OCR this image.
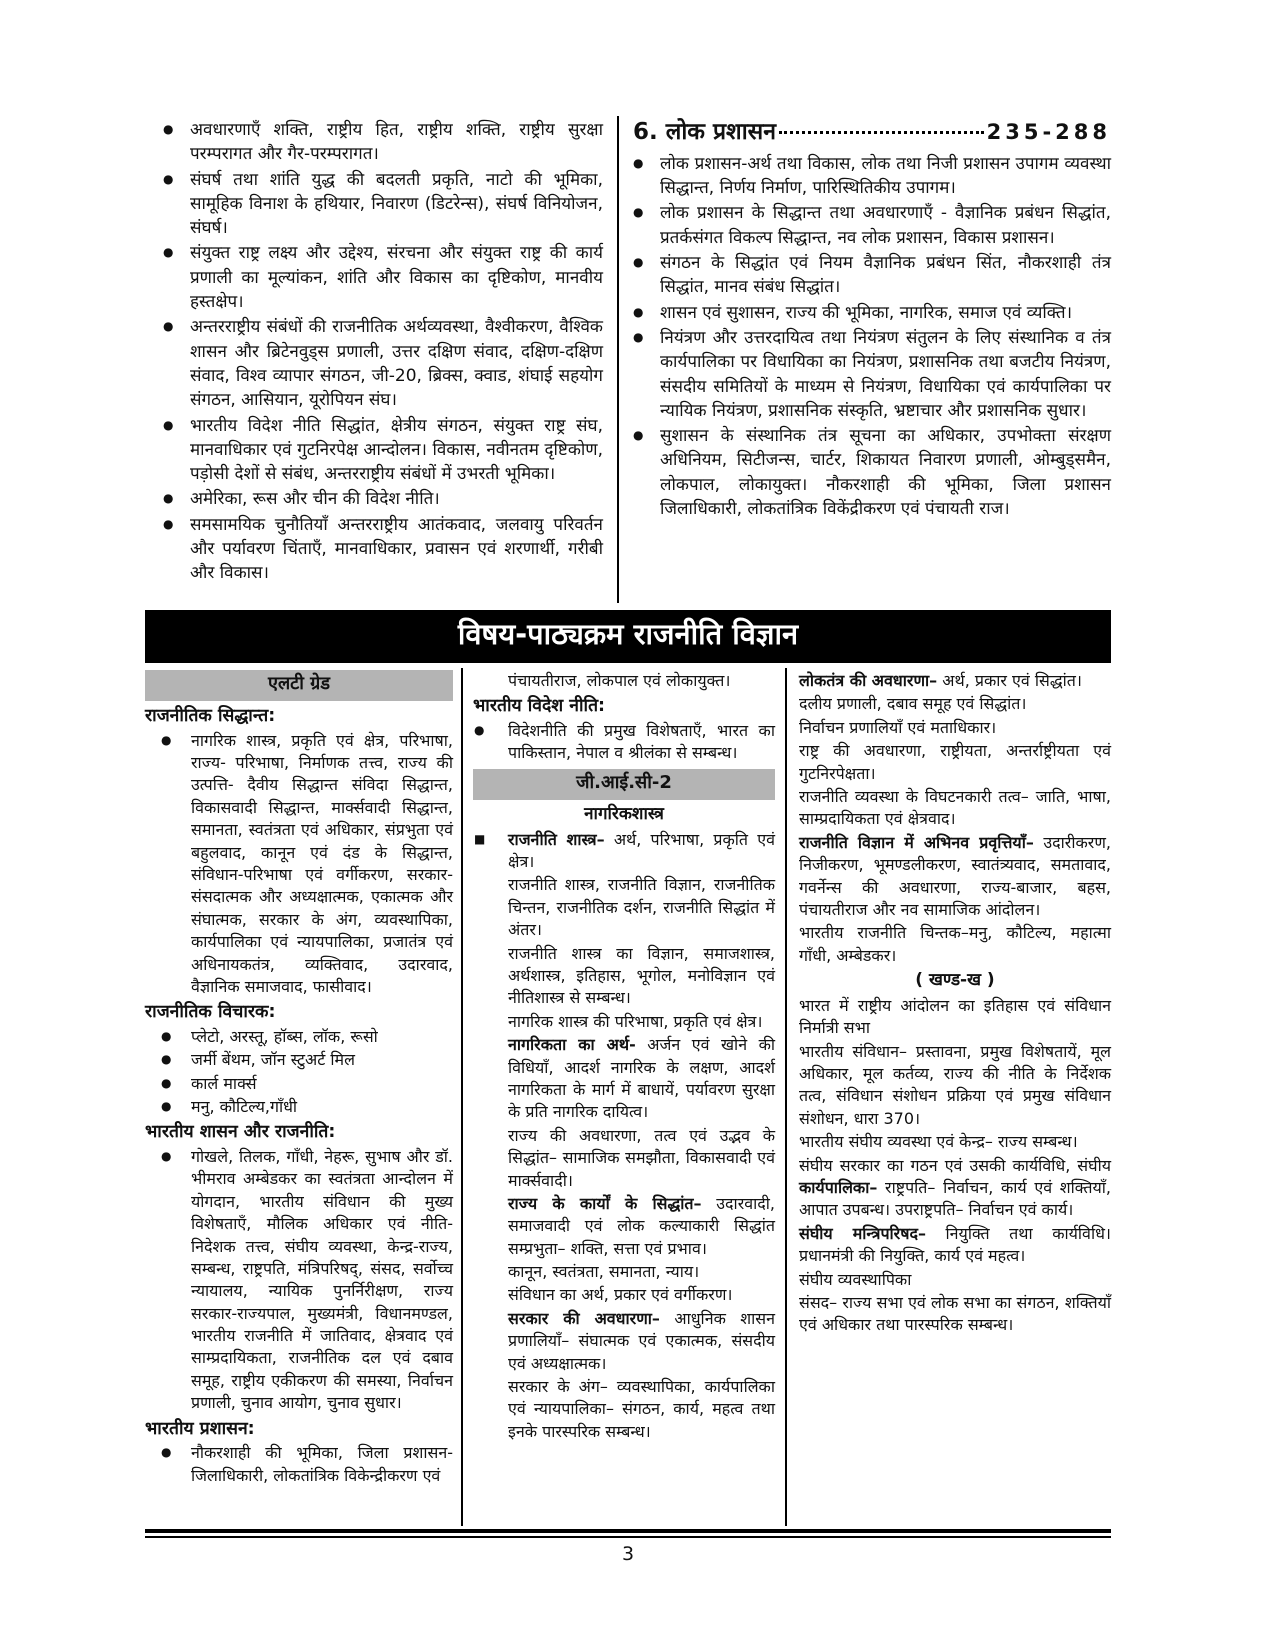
● अवधारणाएँ शक्ति, राष्ट्रीय हित, राष्ट्रीय शक्ति, राष्ट्रीय सुरक्षा परम्परागत और गैर-परम्परागत।
● संघर्ष तथा शांति युद्ध की बदलती प्रकृति, नाटो की भूमिका, सामूहिक विनाश के हथियार, निवारण (डिटरेन्स), संघर्ष विनियोजन, संघर्ष।
● संयुक्त राष्ट्र लक्ष्य और उद्देश्य, संरचना और संयुक्त राष्ट्र की कार्य प्रणाली का मूल्यांकन, शांति और विकास का दृष्टिकोण, मानवीय हस्तक्षेप।
● अन्तरराष्ट्रीय संबंधों की राजनीतिक अर्थव्यवस्था, वैश्वीकरण, वैश्विक शासन और ब्रिटेनवुड्स प्रणाली, उत्तर दक्षिण संवाद, दक्षिण-दक्षिण संवाद, विश्व व्यापार संगठन, जी-20, ब्रिक्स, क्वाड, शंघाई सहयोग संगठन, आसियान, यूरोपियन संघ।
● भारतीय विदेश नीति सिद्धांत, क्षेत्रीय संगठन, संयुक्त राष्ट्र संघ, मानवाधिकार एवं गुटनिरपेक्ष आन्दोलन। विकास, नवीनतम दृष्टिकोण, पड़ोसी देशों से संबंध, अन्तरराष्ट्रीय संबंधों में उभरती भूमिका।
● अमेरिका, रूस और चीन की विदेश नीति।
● समसामयिक चुनौतियाँ अन्तरराष्ट्रीय आतंकवाद, जलवायु परिवर्तन और पर्यावरण चिंताएँ, मानवाधिकार, प्रवासन एवं शरणार्थी, गरीबी और विकास।
6. लोक प्रशासन	235-288
● लोक प्रशासन-अर्थ तथा विकास, लोक तथा निजी प्रशासन उपागम व्यवस्था सिद्धान्त, निर्णय निर्माण, पारिस्थितिकीय उपागम।
● लोक प्रशासन के सिद्धान्त तथा अवधारणाएँ - वैज्ञानिक प्रबंधन सिद्धांत, प्रतर्कसंगत विकल्प सिद्धान्त, नव लोक प्रशासन, विकास प्रशासन।
● संगठन के सिद्धांत एवं नियम वैज्ञानिक प्रबंधन सिंत, नौकरशाही तंत्र सिद्धांत, मानव संबंध सिद्धांत।
● शासन एवं सुशासन, राज्य की भूमिका, नागरिक, समाज एवं व्यक्ति।
● नियंत्रण और उत्तरदायित्व तथा नियंत्रण संतुलन के लिए संस्थानिक व तंत्र कार्यपालिका पर विधायिका का नियंत्रण, प्रशासनिक तथा बजटीय नियंत्रण, संसदीय समितियों के माध्यम से नियंत्रण, विधायिका एवं कार्यपालिका पर न्यायिक नियंत्रण, प्रशासनिक संस्कृति, भ्रष्टाचार और प्रशासनिक सुधार।
● सुशासन के संस्थानिक तंत्र सूचना का अधिकार, उपभोक्ता संरक्षण अधिनियम, सिटीजन्स, चार्टर, शिकायत निवारण प्रणाली, ओम्बुड्समैन, लोकपाल, लोकायुक्त। नौकरशाही की भूमिका, जिला प्रशासन जिलाधिकारी, लोकतांत्रिक विकेंद्रीकरण एवं पंचायती राज।
विषय-पाठ्यक्रम राजनीति विज्ञान
एलटी ग्रेड
राजनीतिक सिद्धान्त:
●	नागरिक शास्त्र, प्रकृति एवं क्षेत्र, परिभाषा, राज्य- परिभाषा, निर्माणक तत्त्व, राज्य की उत्पत्ति- दैवीय सिद्धान्त संविदा सिद्धान्त, विकासवादी सिद्धान्त, मार्क्सवादी सिद्धान्त, समानता, स्वतंत्रता एवं अधिकार, संप्रभुता एवं बहुलवाद, कानून एवं दंड के सिद्धान्त, संविधान-परिभाषा एवं वर्गीकरण, सरकार-संसदात्मक और अध्यक्षात्मक, एकात्मक और संघात्मक, सरकार के अंग, व्यवस्थापिका, कार्यपालिका एवं न्यायपालिका, प्रजातंत्र एवं अधिनायकतंत्र, व्यक्तिवाद, उदारवाद, वैज्ञानिक समाजवाद, फासीवाद।
राजनीतिक विचारक:
●	प्लेटो, अरस्तू, हॉब्स, लॉक, रूसो
●	जर्मी बेंथम, जॉन स्टुअर्ट मिल
●	कार्ल मार्क्स
●	मनु, कौटिल्य,गाँधी
भारतीय शासन और राजनीति:
●	गोखले, तिलक, गाँधी, नेहरू, सुभाष और डॉ. भीमराव अम्बेडकर का स्वतंत्रता आन्दोलन में योगदान, भारतीय संविधान की मुख्य विशेषताएँ, मौलिक अधिकार एवं नीति-निदेशक तत्त्व, संघीय व्यवस्था, केन्द्र-राज्य, सम्बन्ध, राष्ट्रपति, मंत्रिपरिषद्, संसद, सर्वोच्च न्यायालय, न्यायिक पुनर्निरीक्षण, राज्य सरकार-राज्यपाल, मुख्यमंत्री, विधानमण्डल, भारतीय राजनीति में जातिवाद, क्षेत्रवाद एवं साम्प्रदायिकता, राजनीतिक दल एवं दबाव समूह, राष्ट्रीय एकीकरण की समस्या, निर्वाचन प्रणाली, चुनाव आयोग, चुनाव सुधार।
भारतीय प्रशासन:
●	नौकरशाही की भूमिका, जिला प्रशासन-जिलाधिकारी, लोकतांत्रिक विकेन्द्रीकरण एवं
पंचायतीराज, लोकपाल एवं लोकायुक्त।
भारतीय विदेश नीति:
●	विदेशनीति की प्रमुख विशेषताएँ, भारत का पाकिस्तान, नेपाल व श्रीलंका से सम्बन्ध।
जी.आई.सी-2
नागरिकशास्त्र
■	राजनीति शास्त्र– अर्थ, परिभाषा, प्रकृति एवं क्षेत्र।
राजनीति शास्त्र, राजनीति विज्ञान, राजनीतिक चिन्तन, राजनीतिक दर्शन, राजनीति सिद्धांत में अंतर।
राजनीति शास्त्र का विज्ञान, समाजशास्त्र, अर्थशास्त्र, इतिहास, भूगोल, मनोविज्ञान एवं नीतिशास्त्र से सम्बन्ध।
नागरिक शास्त्र की परिभाषा, प्रकृति एवं क्षेत्र।
नागरिकता का अर्थ- अर्जन एवं खोने की विधियाँ, आदर्श नागरिक के लक्षण, आदर्श नागरिकता के मार्ग में बाधायें, पर्यावरण सुरक्षा के प्रति नागरिक दायित्व।
राज्य की अवधारणा, तत्व एवं उद्भव के सिद्धांत– सामाजिक समझौता, विकासवादी एवं मार्क्सवादी।
राज्य के कार्यों के सिद्धांत– उदारवादी, समाजवादी एवं लोक कल्याकारी सिद्धांत सम्प्रभुता– शक्ति, सत्ता एवं प्रभाव।
कानून, स्वतंत्रता, समानता, न्याय।
संविधान का अर्थ, प्रकार एवं वर्गीकरण।
सरकार की अवधारणा– आधुनिक शासन प्रणालियाँ– संघात्मक एवं एकात्मक, संसदीय एवं अध्यक्षात्मक।
सरकार के अंग– व्यवस्थापिका, कार्यपालिका एवं न्यायपालिका– संगठन, कार्य, महत्व तथा इनके पारस्परिक सम्बन्ध।
लोकतंत्र की अवधारणा– अर्थ, प्रकार एवं सिद्धांत।
दलीय प्रणाली, दबाव समूह एवं सिद्धांत।
निर्वाचन प्रणालियाँ एवं मताधिकार।
राष्ट्र की अवधारणा, राष्ट्रीयता, अन्तर्राष्ट्रीयता एवं गुटनिरपेक्षता।
राजनीति व्यवस्था के विघटनकारी तत्व– जाति, भाषा, साम्प्रदायिकता एवं क्षेत्रवाद।
राजनीति विज्ञान में अभिनव प्रवृत्तियाँ– उदारीकरण, निजीकरण, भूमण्डलीकरण, स्वातंत्र्यवाद, समतावाद, गवर्नेन्स की अवधारणा, राज्य-बाजार, बहस, पंचायतीराज और नव सामाजिक आंदोलन।
भारतीय राजनीति चिन्तक–मनु, कौटिल्य, महात्मा गाँधी, अम्बेडकर।
( खण्ड-ख )
भारत में राष्ट्रीय आंदोलन का इतिहास एवं संविधान निर्मात्री सभा
भारतीय संविधान– प्रस्तावना, प्रमुख विशेषतायें, मूल अधिकार, मूल कर्तव्य, राज्य की नीति के निर्देशक तत्व, संविधान संशोधन प्रक्रिया एवं प्रमुख संविधान संशोधन, धारा 370।
भारतीय संघीय व्यवस्था एवं केन्द्र– राज्य सम्बन्ध।
संघीय सरकार का गठन एवं उसकी कार्यविधि, संघीय कार्यपालिका– राष्ट्रपति– निर्वाचन, कार्य एवं शक्तियाँ, आपात उपबन्ध। उपराष्ट्रपति– निर्वाचन एवं कार्य।
संघीय मन्त्रिपरिषद– नियुक्ति तथा कार्यविधि। प्रधानमंत्री की नियुक्ति, कार्य एवं महत्व।
संघीय व्यवस्थापिका
संसद– राज्य सभा एवं लोक सभा का संगठन, शक्तियाँ एवं अधिकार तथा पारस्परिक सम्बन्ध।
3
